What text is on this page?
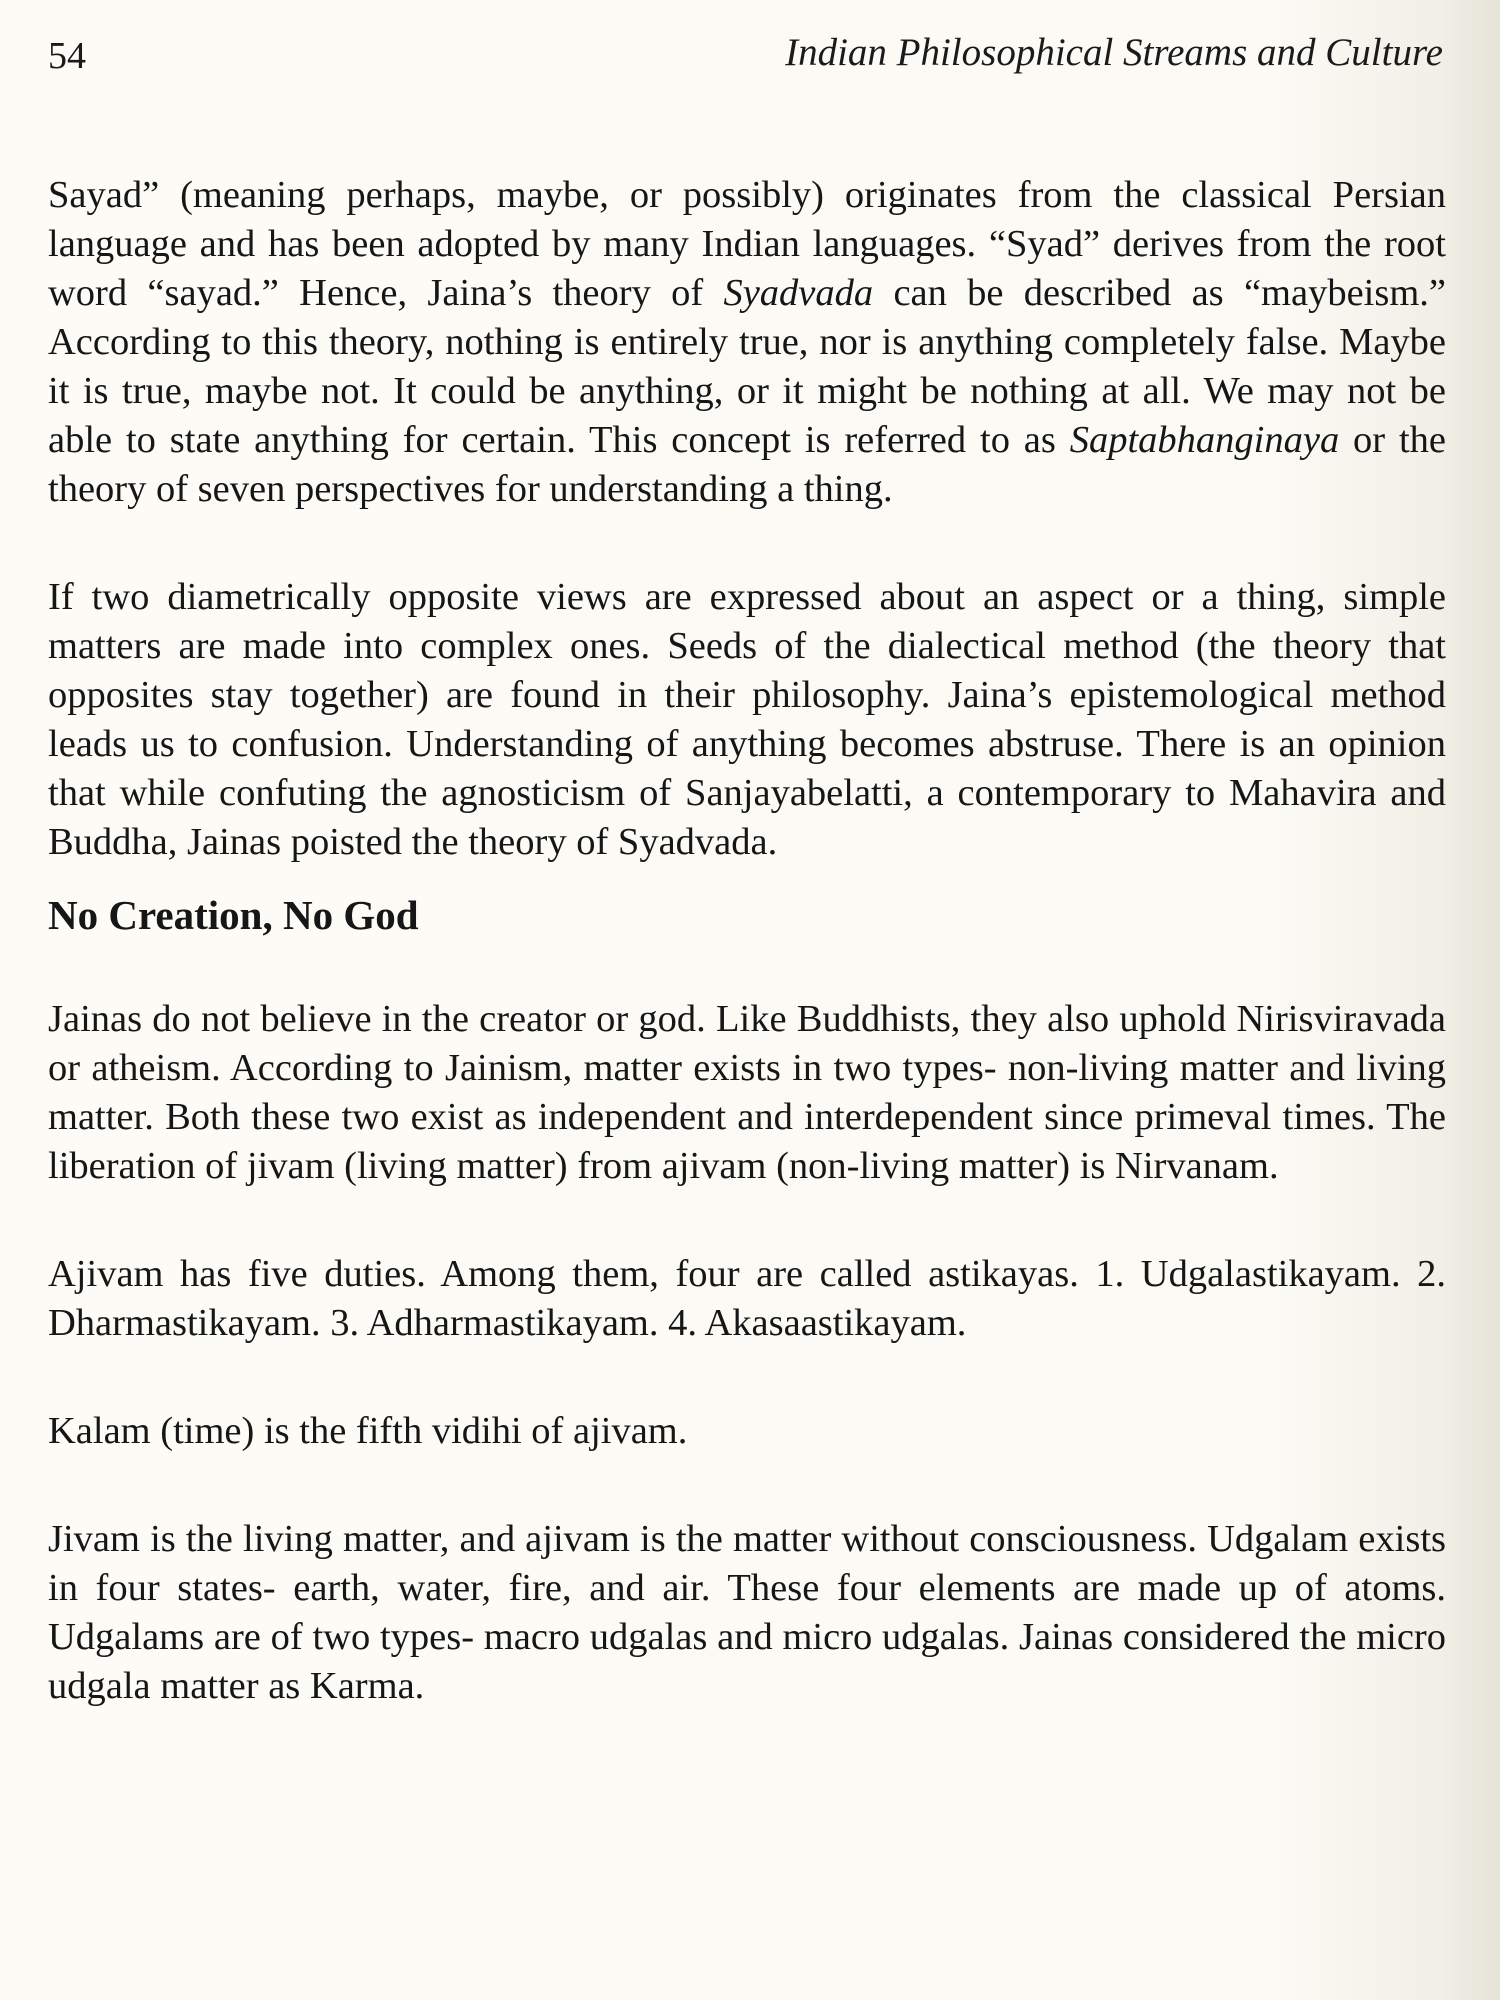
54	Indian Philosophical Streams and Culture

Sayad” (meaning perhaps, maybe, or possibly) originates from the classical Persian language and has been adopted by many Indian languages. “Syad” derives from the root word “sayad.” Hence, Jaina’s theory of Syadvada can be described as “maybeism.” According to this theory, nothing is entirely true, nor is anything completely false. Maybe it is true, maybe not. It could be anything, or it might be nothing at all. We may not be able to state anything for certain. This concept is referred to as Saptabhanginaya or the theory of seven perspectives for understanding a thing.

If two diametrically opposite views are expressed about an aspect or a thing, simple matters are made into complex ones. Seeds of the dialectical method (the theory that opposites stay together) are found in their philosophy. Jaina’s epistemological method leads us to confusion. Understanding of anything becomes abstruse. There is an opinion that while confuting the agnosticism of Sanjayabelatti, a contemporary to Mahavira and Buddha, Jainas poisted the theory of Syadvada.

No Creation, No God

Jainas do not believe in the creator or god. Like Buddhists, they also uphold Nirisviravada or atheism. According to Jainism, matter exists in two types- non-living matter and living matter. Both these two exist as independent and interdependent since primeval times. The liberation of jivam (living matter) from ajivam (non-living matter) is Nirvanam.

Ajivam has five duties. Among them, four are called astikayas. 1. Udgalastikayam. 2. Dharmastikayam. 3. Adharmastikayam. 4. Akasaastikayam.

Kalam (time) is the fifth vidihi of ajivam.

Jivam is the living matter, and ajivam is the matter without consciousness. Udgalam exists in four states- earth, water, fire, and air. These four elements are made up of atoms. Udgalams are of two types- macro udgalas and micro udgalas. Jainas considered the micro udgala matter as Karma.
